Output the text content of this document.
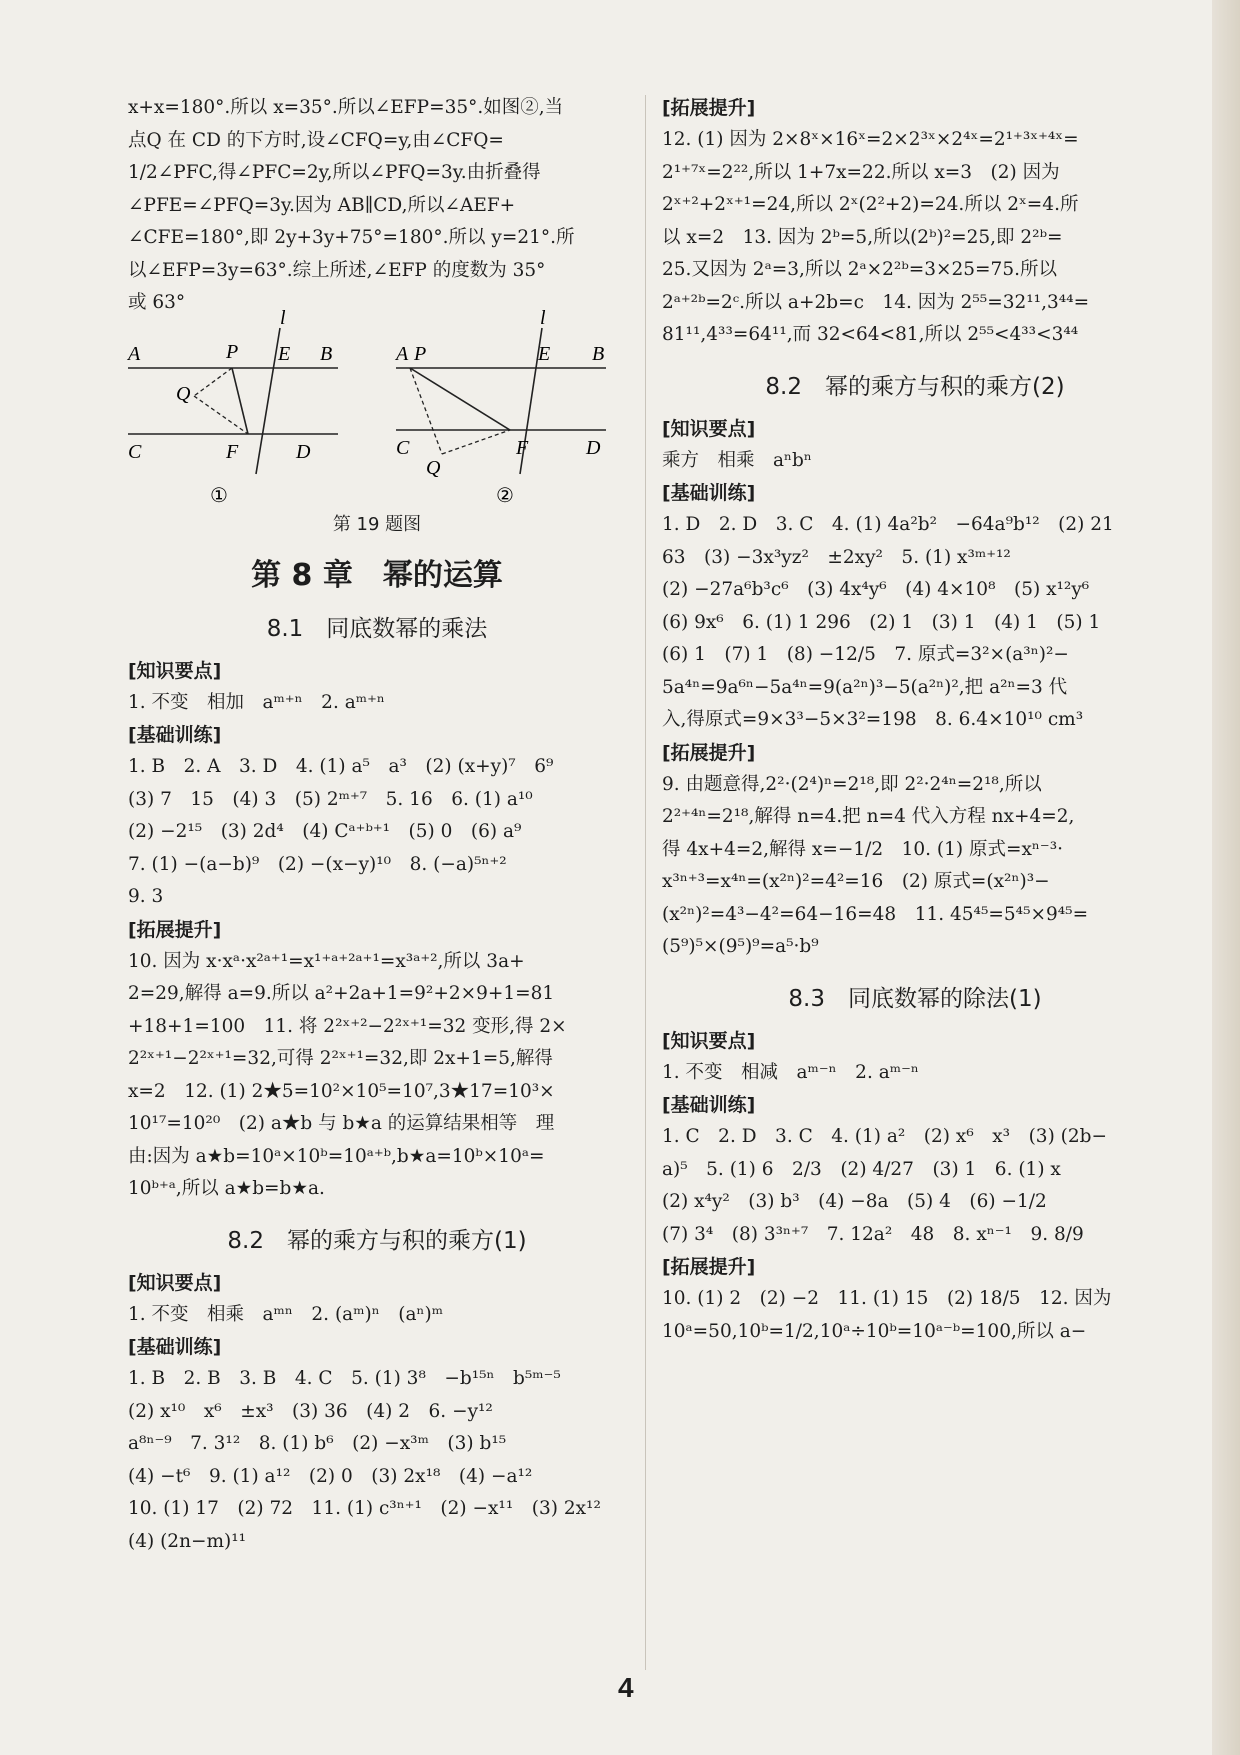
x+x=180°.所以 x=35°.所以∠EFP=35°.如图②,当
点Q 在 CD 的下方时,设∠CFQ=y,由∠CFQ=
1/2∠PFC,得∠PFC=2y,所以∠PFQ=3y.由折叠得
∠PFE=∠PFQ=3y.因为 AB∥CD,所以∠AEF+
∠CFE=180°,即 2y+3y+75°=180°.所以 y=21°.所
以∠EFP=3y=63°.综上所述,∠EFP 的度数为 35°
或 63°
l
A	P E B
Q
C	F	D
①
l
A P	E B
Q
C	F	D
②
第 19 题图
第 8 章　幂的运算
8.1　同底数幂的乘法
[知识要点]
1. 不变　相加　aᵐ⁺ⁿ　2. aᵐ⁺ⁿ
[基础训练]
1. B　2. A　3. D　4. (1) a⁵　a³　(2) (x+y)⁷　6⁹
(3) 7　15　(4) 3　(5) 2ᵐ⁺⁷　5. 16　6. (1) a¹⁰
(2) −2¹⁵　(3) 2d⁴　(4) Cᵃ⁺ᵇ⁺¹　(5) 0　(6) a⁹
7. (1) −(a−b)⁹　(2) −(x−y)¹⁰　8. (−a)⁵ⁿ⁺²
9. 3
[拓展提升]
10. 因为 x·xᵃ·x²ᵃ⁺¹=x¹⁺ᵃ⁺²ᵃ⁺¹=x³ᵃ⁺²,所以 3a+
2=29,解得 a=9.所以 a²+2a+1=9²+2×9+1=81
+18+1=100　11. 将 2²ˣ⁺²−2²ˣ⁺¹=32 变形,得 2×
2²ˣ⁺¹−2²ˣ⁺¹=32,可得 2²ˣ⁺¹=32,即 2x+1=5,解得
x=2　12. (1) 2★5=10²×10⁵=10⁷,3★17=10³×
10¹⁷=10²⁰　(2) a★b 与 b★a 的运算结果相等　理
由:因为 a★b=10ᵃ×10ᵇ=10ᵃ⁺ᵇ,b★a=10ᵇ×10ᵃ=
10ᵇ⁺ᵃ,所以 a★b=b★a.
8.2　幂的乘方与积的乘方(1)
[知识要点]
1. 不变　相乘　aᵐⁿ　2. (aᵐ)ⁿ　(aⁿ)ᵐ
[基础训练]
1. B　2. B　3. B　4. C　5. (1) 3⁸　−b¹⁵ⁿ　b⁵ᵐ⁻⁵
(2) x¹⁰　x⁶　±x³　(3) 36　(4) 2　6. −y¹²
a⁸ⁿ⁻⁹　7. 3¹²　8. (1) b⁶　(2) −x³ᵐ　(3) b¹⁵
(4) −t⁶　9. (1) a¹²　(2) 0　(3) 2x¹⁸　(4) −a¹²
10. (1) 17　(2) 72　11. (1) c³ⁿ⁺¹　(2) −x¹¹　(3) 2x¹²
(4) (2n−m)¹¹
[拓展提升]
12. (1) 因为 2×8ˣ×16ˣ=2×2³ˣ×2⁴ˣ=2¹⁺³ˣ⁺⁴ˣ=
2¹⁺⁷ˣ=2²²,所以 1+7x=22.所以 x=3　(2) 因为
2ˣ⁺²+2ˣ⁺¹=24,所以 2ˣ(2²+2)=24.所以 2ˣ=4.所
以 x=2　13. 因为 2ᵇ=5,所以(2ᵇ)²=25,即 2²ᵇ=
25.又因为 2ᵃ=3,所以 2ᵃ×2²ᵇ=3×25=75.所以
2ᵃ⁺²ᵇ=2ᶜ.所以 a+2b=c　14. 因为 2⁵⁵=32¹¹,3⁴⁴=
81¹¹,4³³=64¹¹,而 32<64<81,所以 2⁵⁵<4³³<3⁴⁴
8.2　幂的乘方与积的乘方(2)
[知识要点]
乘方　相乘　aⁿbⁿ
[基础训练]
1. D　2. D　3. C　4. (1) 4a²b²　−64a⁹b¹²　(2) 21
63　(3) −3x³yz²　±2xy²　5. (1) x³ᵐ⁺¹²
(2) −27a⁶b³c⁶　(3) 4x⁴y⁶　(4) 4×10⁸　(5) x¹²y⁶
(6) 9x⁶　6. (1) 1 296　(2) 1　(3) 1　(4) 1　(5) 1
(6) 1　(7) 1　(8) −12/5　7. 原式=3²×(a³ⁿ)²−
5a⁴ⁿ=9a⁶ⁿ−5a⁴ⁿ=9(a²ⁿ)³−5(a²ⁿ)²,把 a²ⁿ=3 代
入,得原式=9×3³−5×3²=198　8. 6.4×10¹⁰ cm³
[拓展提升]
9. 由题意得,2²·(2⁴)ⁿ=2¹⁸,即 2²·2⁴ⁿ=2¹⁸,所以
2²⁺⁴ⁿ=2¹⁸,解得 n=4.把 n=4 代入方程 nx+4=2,
得 4x+4=2,解得 x=−1/2　10. (1) 原式=xⁿ⁻³·
x³ⁿ⁺³=x⁴ⁿ=(x²ⁿ)²=4²=16　(2) 原式=(x²ⁿ)³−
(x²ⁿ)²=4³−4²=64−16=48　11. 45⁴⁵=5⁴⁵×9⁴⁵=
(5⁹)⁵×(9⁵)⁹=a⁵·b⁹
8.3　同底数幂的除法(1)
[知识要点]
1. 不变　相减　aᵐ⁻ⁿ　2. aᵐ⁻ⁿ
[基础训练]
1. C　2. D　3. C　4. (1) a²　(2) x⁶　x³　(3) (2b−
a)⁵　5. (1) 6　2/3　(2) 4/27　(3) 1　6. (1) x
(2) x⁴y²　(3) b³　(4) −8a　(5) 4　(6) −1/2
(7) 3⁴　(8) 3³ⁿ⁺⁷　7. 12a²　48　8. xⁿ⁻¹　9. 8/9
[拓展提升]
10. (1) 2　(2) −2　11. (1) 15　(2) 18/5　12. 因为
10ᵃ=50,10ᵇ=1/2,10ᵃ÷10ᵇ=10ᵃ⁻ᵇ=100,所以 a−
4
